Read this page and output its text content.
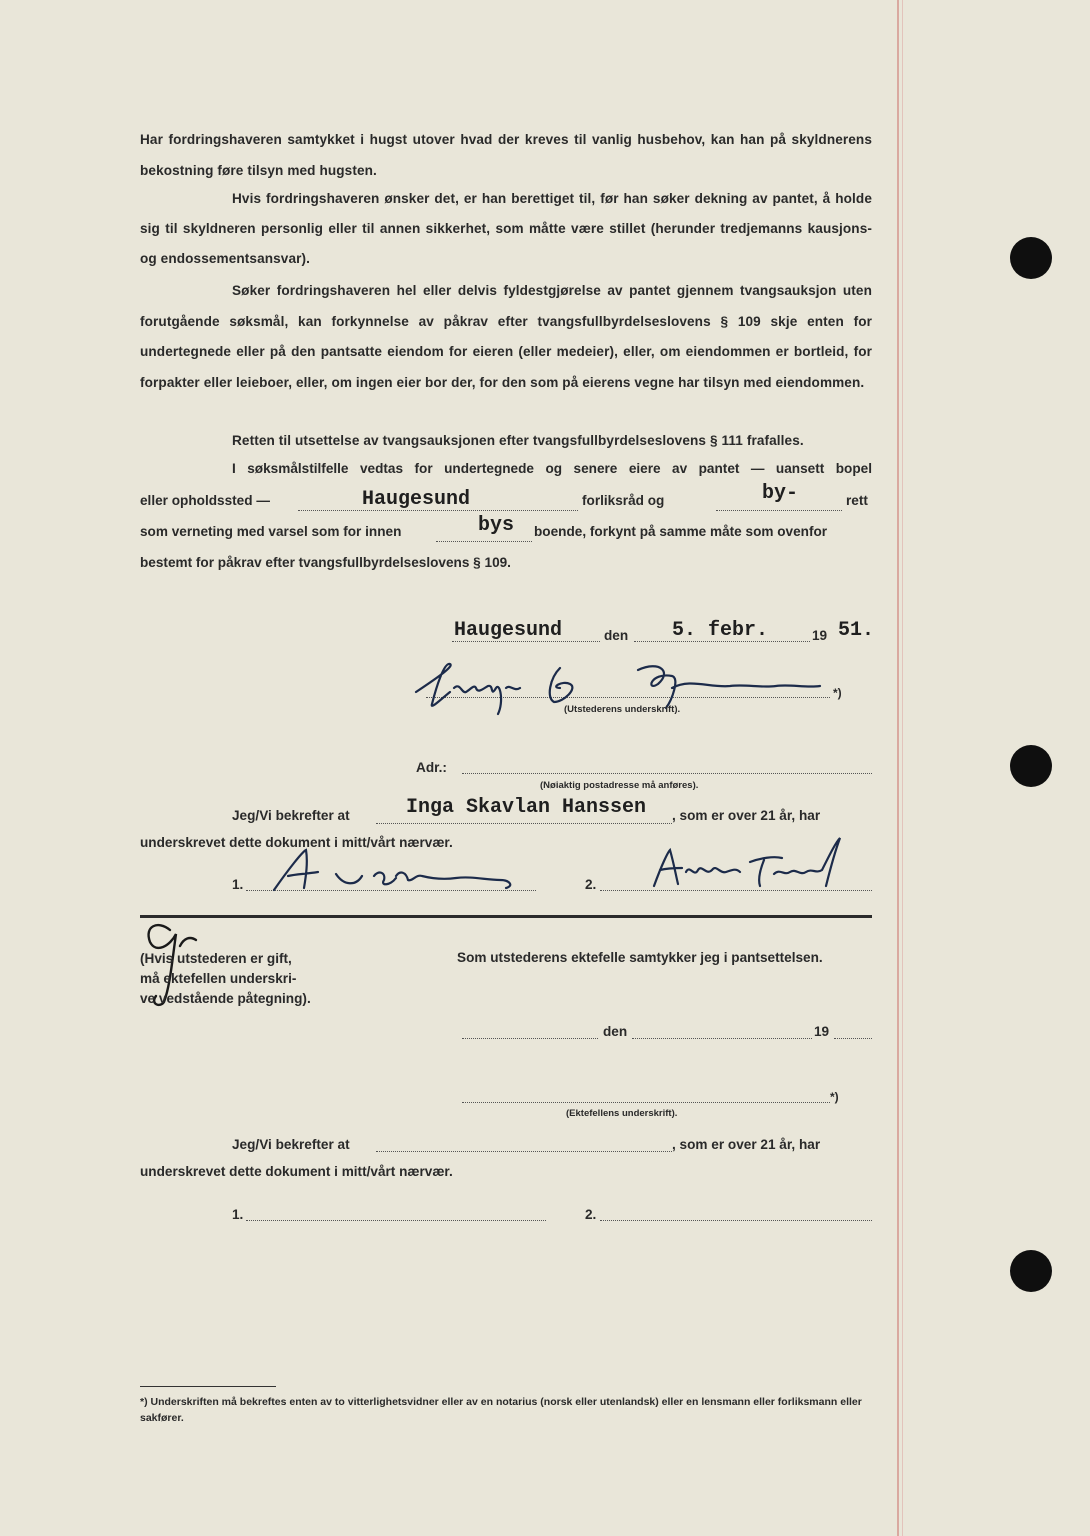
Har fordringshaveren samtykket i hugst utover hvad der kreves til vanlig husbehov, kan han på skyldnerens bekostning føre tilsyn med hugsten.
Hvis fordringshaveren ønsker det, er han berettiget til, før han søker dekning av pantet, å holde sig til skyldneren personlig eller til annen sikkerhet, som måtte være stillet (herunder tredjemanns kausjons- og endossementsansvar).
Søker fordringshaveren hel eller delvis fyldestgjørelse av pantet gjennem tvangsauksjon uten forutgående søksmål, kan forkynnelse av påkrav efter tvangsfullbyrdelseslovens § 109 skje enten for undertegnede eller på den pantsatte eiendom for eieren (eller medeier), eller, om eiendommen er bortleid, for forpakter eller leieboer, eller, om ingen eier bor der, for den som på eierens vegne har tilsyn med eiendommen.
Retten til utsettelse av tvangsauksjonen efter tvangsfullbyrdelseslovens § 111 frafalles.
I søksmålstilfelle vedtas for undertegnede og senere eiere av pantet — uansett bopel
eller opholdssted —	Haugesund	forliksråd og	by-	rett
som verneting med varsel som for innen	bys boende, forkynt på samme måte som ovenfor
bestemt for påkrav efter tvangsfullbyrdelseslovens § 109.
Haugesund	den 5. febr.	19 51.
*)
(Utstederens underskrift).
Adr.:
(Nøiaktig postadresse må anføres).
Jeg/Vi bekrefter at	Inga Skavlan Hanssen , som er over 21 år, har
underskrevet dette dokument i mitt/vårt nærvær.
1.	2.
(Hvis utstederen er gift,
må ektefellen underskri-
ve vedstående påtegning).
Som utstederens ektefelle samtykker jeg i pantsettelsen.
den	19
*)
(Ektefellens underskrift).
Jeg/Vi bekrefter at	, som er over 21 år, har
underskrevet dette dokument i mitt/vårt nærvær.
1.	2.
*) Underskriften må bekreftes enten av to vitterlighetsvidner eller av en notarius (norsk eller utenlandsk) eller en lensmann eller forliksmann eller sakfører.
